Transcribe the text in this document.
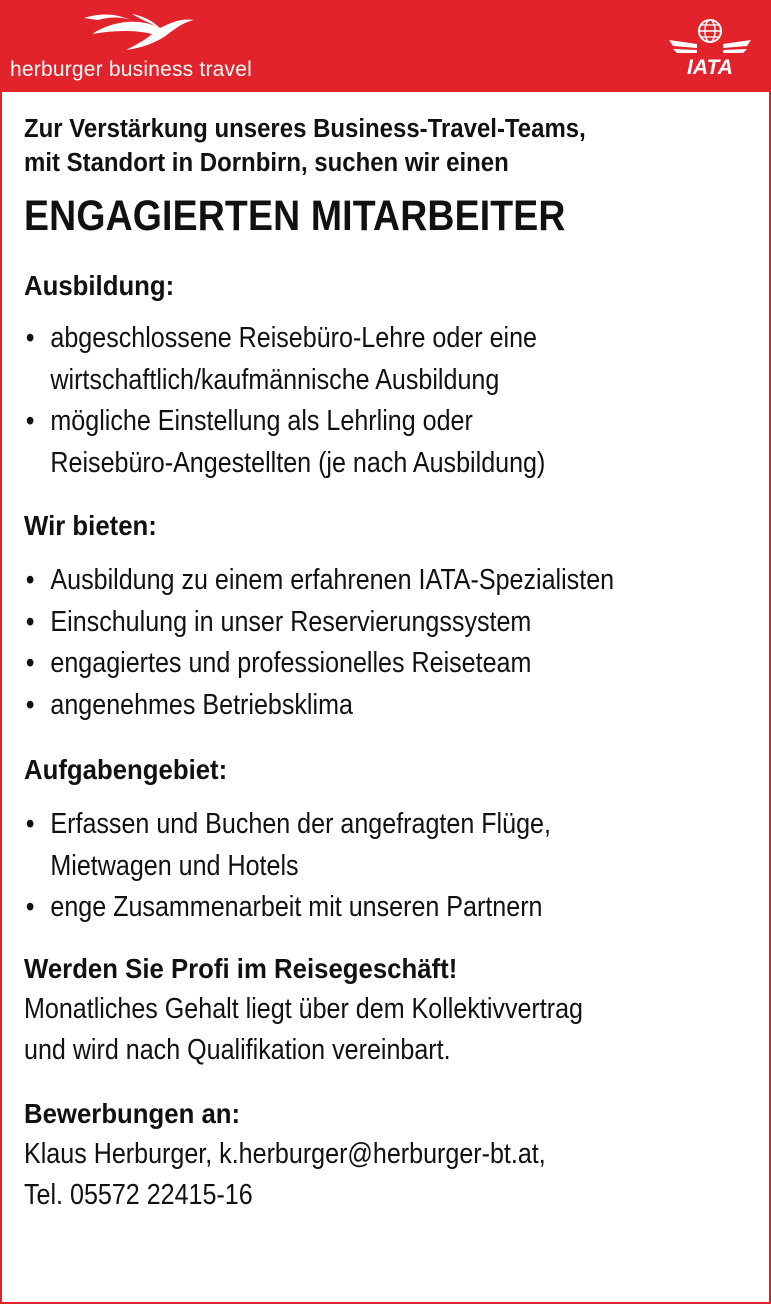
herburger business travel	IATA

Zur Verstärkung unseres Business-Travel-Teams,

mit Standort in Dornbirn, suchen wir einen

ENGAGIERTEN MITARBEITER
Ausbildung:
• abgeschlossene Reisebüro-Lehre oder eine
wirtschaftlich/kaufmännische Ausbildung
• mögliche Einstellung als Lehrling oder
Reisebüro-Angestellten (je nach Ausbildung)
Wir bieten:
• Ausbildung zu einem erfahrenen IATA-Spezialisten
• Einschulung in unser Reservierungssystem
• engagiertes und professionelles Reiseteam
• angenehmes Betriebsklima
Aufgabengebiet:
• Erfassen und Buchen der angefragten Flüge,
Mietwagen und Hotels
• enge Zusammenarbeit mit unseren Partnern
Werden Sie Profi im Reisegeschäft!

Monatliches Gehalt liegt über dem Kollektivvertrag

und wird nach Qualifikation vereinbart.

Bewerbungen an:

Klaus Herburger, k.herburger@herburger-bt.at,

Tel. 05572 22415-16
